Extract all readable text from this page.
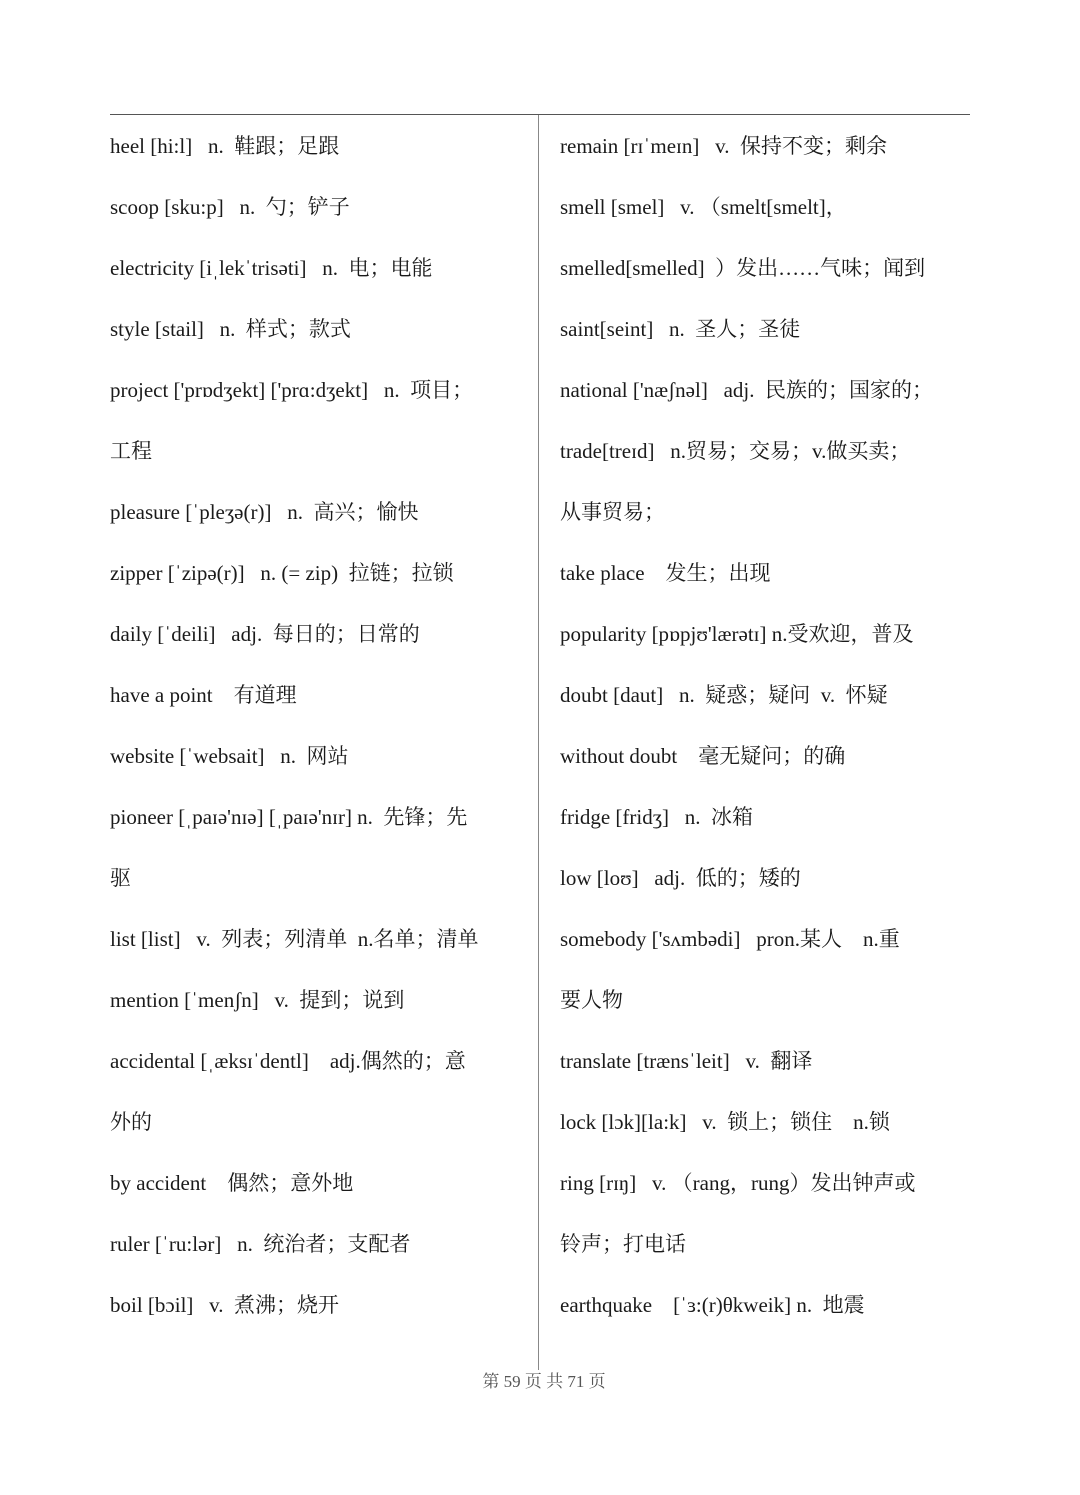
heel [hi:l]   n.  鞋跟；足跟
scoop [sku:p]   n.  勺；铲子
electricity [iˌlekˈtrisəti]   n.  电；电能
style [stail]   n.  样式；款式
project ['prɒdʒekt] ['prɑ:dʒekt]   n.  项目；
工程
pleasure [ˈpleʒə(r)]   n.  高兴；愉快
zipper [ˈzipə(r)]   n. (= zip)  拉链；拉锁
daily [ˈdeili]   adj.  每日的；日常的
have a point    有道理
website [ˈwebsait]   n.  网站
pioneer [ˌpaɪə'nɪə] [ˌpaɪə'nɪr] n.  先锋；先
驱
list [list]   v.  列表；列清单  n.名单；清单
mention [ˈmenʃn]   v.  提到；说到
accidental [ˌæksɪˈdentl]    adj.偶然的；意
外的
by accident    偶然；意外地
ruler [ˈru:lər]   n.  统治者；支配者
boil [bɔil]   v.  煮沸；烧开
remain [rɪˈmeɪn]   v.  保持不变；剩余
smell [smel]   v. （smelt[smelt]，
smelled[smelled]  ）发出……气味；闻到
saint[seint]   n.  圣人；圣徒
national ['næʃnəl]   adj.  民族的；国家的；
trade[treɪd]   n.贸易；交易；v.做买卖；
从事贸易；
take place    发生；出现
popularity [pɒpjʊ'lærətɪ] n.受欢迎，普及
doubt [daut]   n.  疑惑；疑问  v.  怀疑
without doubt    毫无疑问；的确
fridge [fridʒ]   n.  冰箱
low [loʊ]   adj.  低的；矮的
somebody ['sʌmbədi]   pron.某人    n.重
要人物
translate [trænsˈleit]   v.  翻译
lock [lɔk][la:k]   v.  锁上；锁住    n.锁
ring [rɪŋ]   v. （rang，rung）发出钟声或
铃声；打电话
earthquake    [ˈɜ:(r)θkweik] n.  地震
第 59 页 共 71 页
